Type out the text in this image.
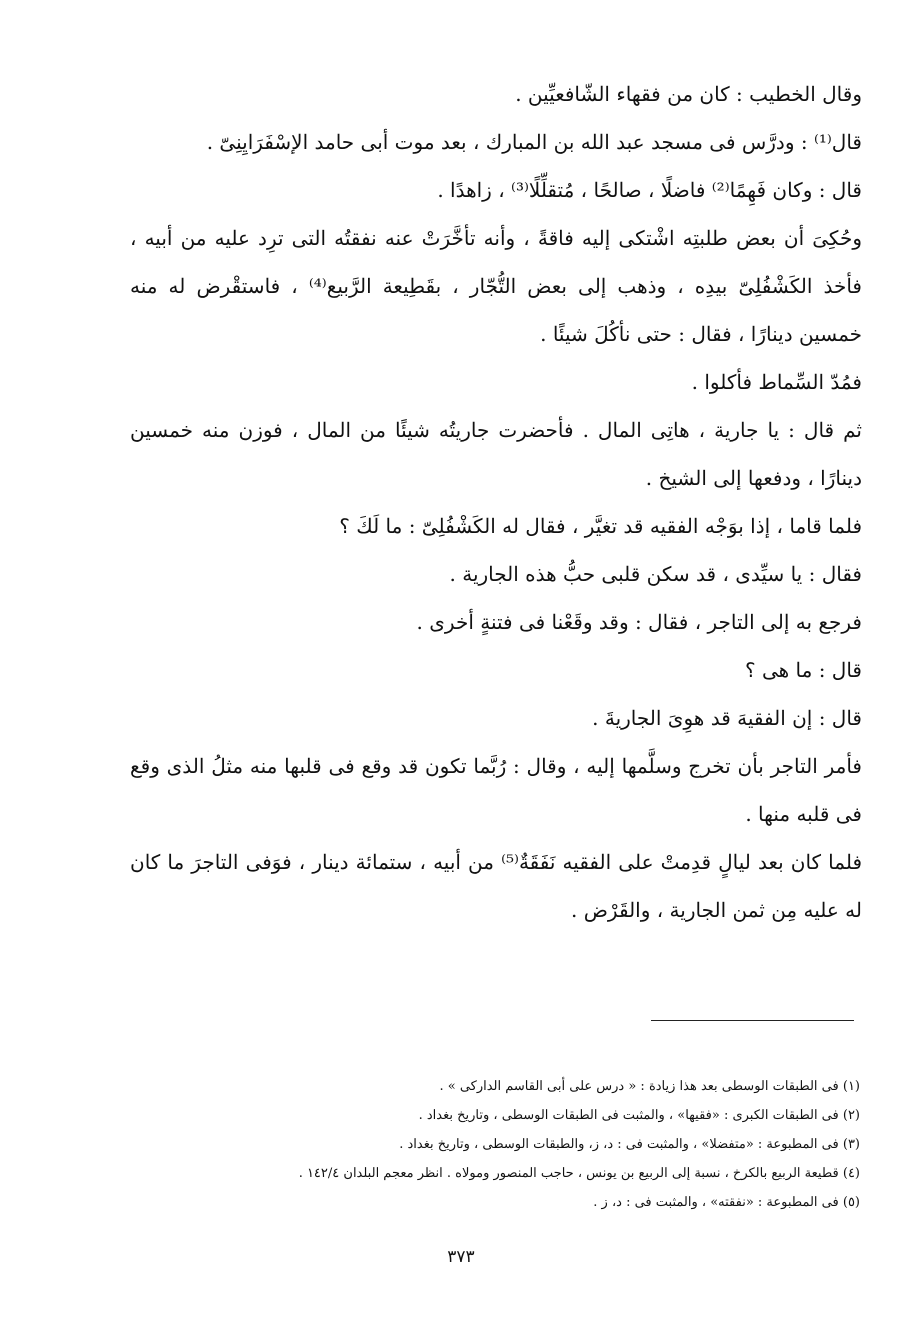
وقال الخطيب : كان من فقهاء الشّافعيِّين .

قال⁽¹⁾ : ودرَّس فى مسجد عبد الله بن المبارك ، بعد موت أبى حامد الإسْفَرَايِنِىّ .

قال : وكان فَهِمًا⁽²⁾ فاضلًا ، صالحًا ، مُتقلِّلًا⁽³⁾ ، زاهدًا .

وحُكِىَ أن بعض طلبتِه اشْتكى إليه فاقةً ، وأنه تأخَّرَتْ عنه نفقتُه التى ترِد عليه من أبيه ، فأخذ الكَشْفُلِىّ بيدِه ، وذهب إلى بعض التُّجّار ، بقَطِيعة الرَّبيع⁽⁴⁾ ، فاستقْرض له منه خمسين دينارًا ، فقال : حتى نأكُلَ شيئًا .

فمُدّ السِّماط فأكلوا .

ثم قال : يا جارية ، هاتِى المال . فأحضرت جاريتُه شيئًا من المال ، فوزن منه خمسين دينارًا ، ودفعها إلى الشيخ .

فلما قاما ، إذا بوَجْه الفقيه قد تغيَّر ، فقال له الكَشْفُلِىّ : ما لَكَ ؟

فقال : يا سيِّدى ، قد سكن قلبى حبُّ هذه الجارية .

فرجع به إلى التاجر ، فقال : وقد وقَعْنا فى فتنةٍ أخرى .

قال : ما هى ؟

قال : إن الفقيهَ قد هوِىَ الجاريةَ .

فأمر التاجر بأن تخرج وسلَّمها إليه ، وقال : رُبَّما تكون قد وقع فى قلبها منه مثلُ الذى وقع فى قلبه منها .

فلما كان بعد ليالٍ قدِمتْ على الفقيه نَفَقَةٌ⁽⁵⁾ من أبيه ، ستمائة دينار ، فوَفى التاجرَ ما كان له عليه مِن ثمن الجارية ، والقَرْض .

(١) فى الطبقات الوسطى بعد هذا زيادة : « درس على أبى القاسم الداركى » .
(٢) فى الطبقات الكبرى : «فقيها» ، والمثبت فى الطبقات الوسطى ، وتاريخ بغداد .
(٣) فى المطبوعة : «متفضلا» ، والمثبت فى : د، ز، والطبقات الوسطى ، وتاريخ بغداد .
(٤) قطيعة الربيع بالكرخ ، نسبة إلى الربيع بن يونس ، حاجب المنصور ومولاه . انظر معجم البلدان ١٤٢/٤ .
(٥) فى المطبوعة : «نفقته» ، والمثبت فى : د، ز .
٣٧٣
